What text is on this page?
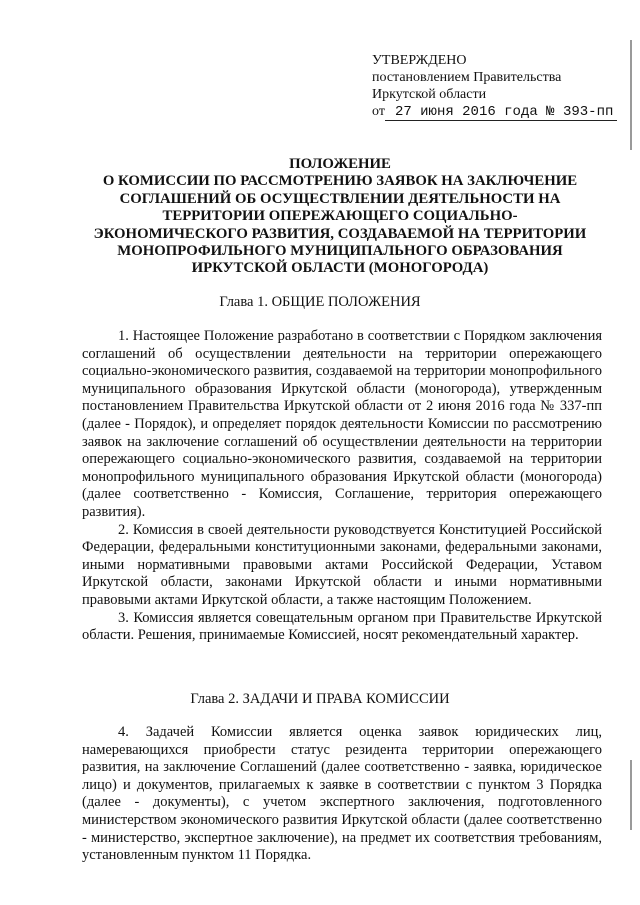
УТВЕРЖДЕНО
постановлением Правительства
Иркутской области
от 27 июня 2016 года № 393-пп
ПОЛОЖЕНИЕ
О КОМИССИИ ПО РАССМОТРЕНИЮ ЗАЯВОК НА ЗАКЛЮЧЕНИЕ
СОГЛАШЕНИЙ ОБ ОСУЩЕСТВЛЕНИИ ДЕЯТЕЛЬНОСТИ НА
ТЕРРИТОРИИ ОПЕРЕЖАЮЩЕГО СОЦИАЛЬНО-
ЭКОНОМИЧЕСКОГО РАЗВИТИЯ, СОЗДАВАЕМОЙ НА ТЕРРИТОРИИ
МОНОПРОФИЛЬНОГО МУНИЦИПАЛЬНОГО ОБРАЗОВАНИЯ
ИРКУТСКОЙ ОБЛАСТИ (МОНОГОРОДА)
Глава 1. ОБЩИЕ ПОЛОЖЕНИЯ

1. Настоящее Положение разработано в соответствии с Порядком заключения соглашений об осуществлении деятельности на территории опережающего социально-экономического развития, создаваемой на территории монопрофильного муниципального образования Иркутской области (моногорода), утвержденным постановлением Правительства Иркутской области от 2 июня 2016 года № 337-пп (далее - Порядок), и определяет порядок деятельности Комиссии по рассмотрению заявок на заключение соглашений об осуществлении деятельности на территории опережающего социально-экономического развития, создаваемой на территории монопрофильного муниципального образования Иркутской области (моногорода) (далее соответственно - Комиссия, Соглашение, территория опережающего развития).

2. Комиссия в своей деятельности руководствуется Конституцией Российской Федерации, федеральными конституционными законами, федеральными законами, иными нормативными правовыми актами Российской Федерации, Уставом Иркутской области, законами Иркутской области и иными нормативными правовыми актами Иркутской области, а также настоящим Положением.

3. Комиссия является совещательным органом при Правительстве Иркутской области. Решения, принимаемые Комиссией, носят рекомендательный характер.

Глава 2. ЗАДАЧИ И ПРАВА КОМИССИИ

4. Задачей Комиссии является оценка заявок юридических лиц, намеревающихся приобрести статус резидента территории опережающего развития, на заключение Соглашений (далее соответственно - заявка, юридическое лицо) и документов, прилагаемых к заявке в соответствии с пунктом 3 Порядка (далее - документы), с учетом экспертного заключения, подготовленного министерством экономического развития Иркутской области (далее соответственно - министерство, экспертное заключение), на предмет их соответствия требованиям, установленным пунктом 11 Порядка.
